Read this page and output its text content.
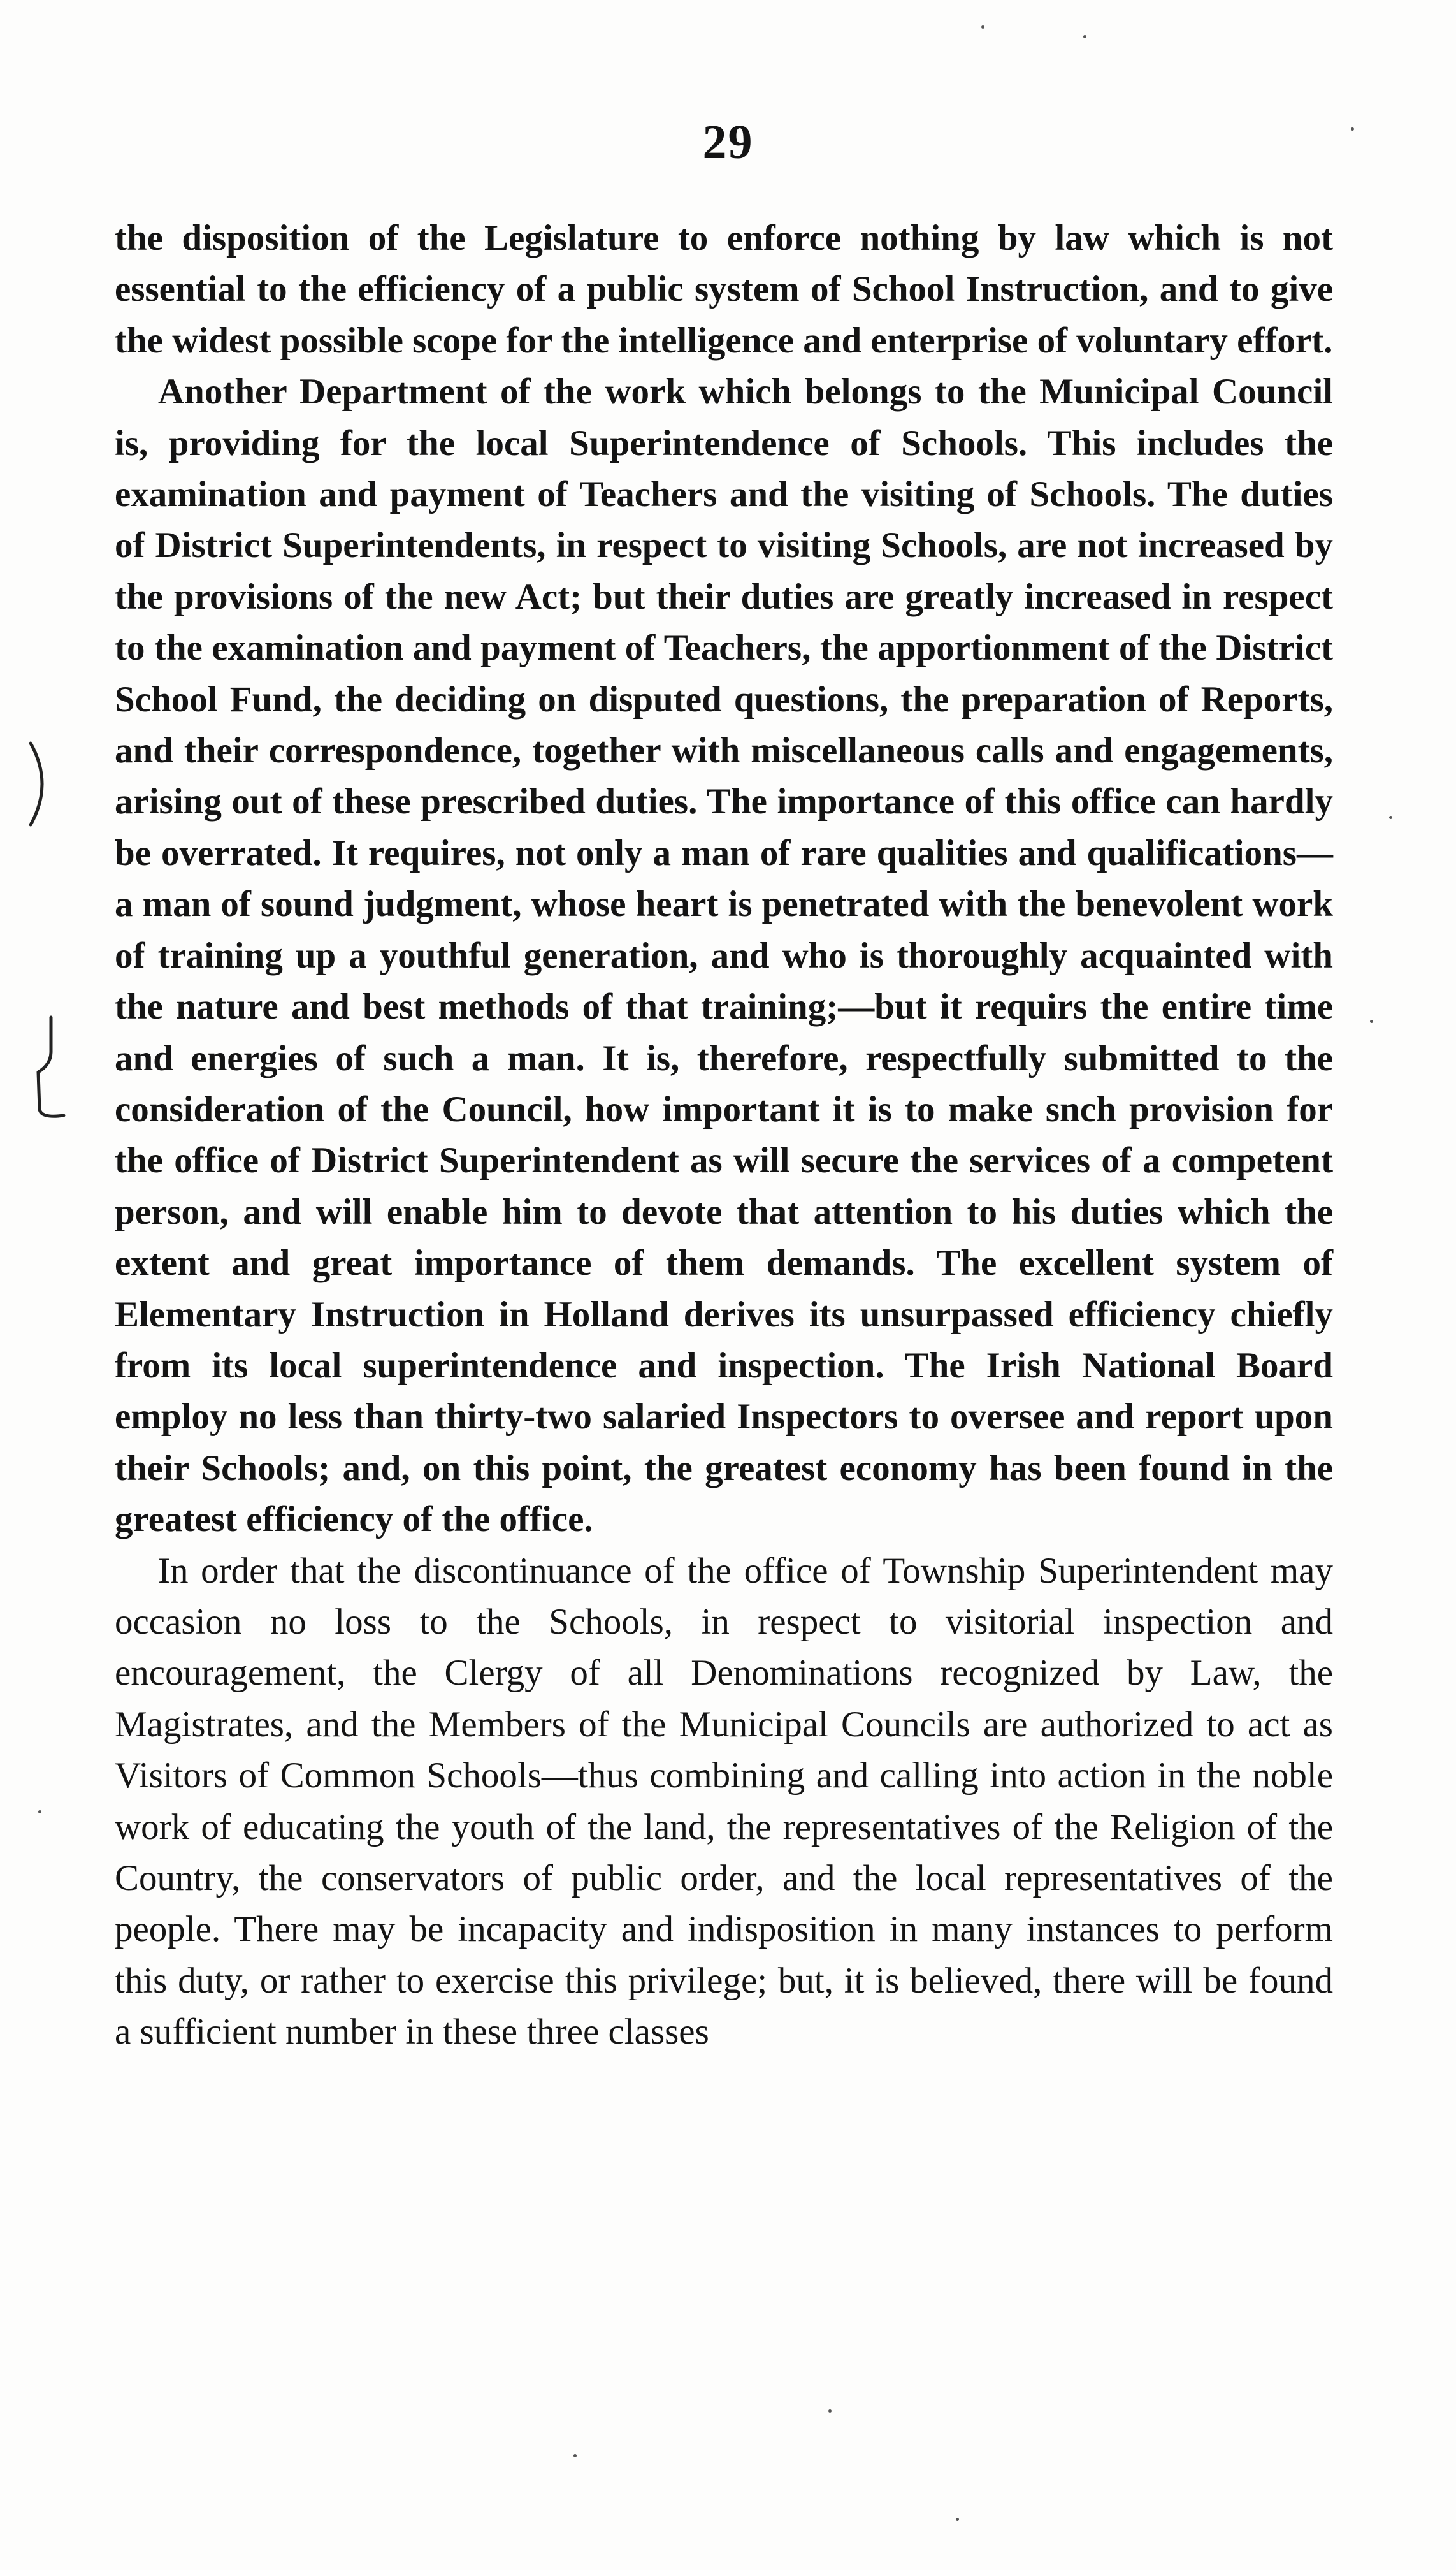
29

the disposition of the Legislature to enforce nothing by law which is not essential to the efficiency of a public system of School Instruction, and to give the widest possible scope for the intelligence and enterprise of voluntary effort.

Another Department of the work which belongs to the Municipal Council is, providing for the local Superintendence of Schools. This includes the examination and payment of Teachers and the visiting of Schools. The duties of District Superintendents, in respect to visiting Schools, are not increased by the provisions of the new Act; but their duties are greatly increased in respect to the examination and payment of Teachers, the apportionment of the District School Fund, the deciding on disputed questions, the preparation of Reports, and their correspondence, together with miscellaneous calls and engagements, arising out of these prescribed duties. The importance of this office can hardly be overrated. It requires, not only a man of rare qualities and qualifications—a man of sound judgment, whose heart is penetrated with the benevolent work of training up a youthful generation, and who is thoroughly acquainted with the nature and best methods of that training;—but it requirs the entire time and energies of such a man. It is, therefore, respectfully submitted to the consideration of the Council, how important it is to make snch provision for the office of District Superintendent as will secure the services of a competent person, and will enable him to devote that attention to his duties which the extent and great importance of them demands. The excellent system of Elementary Instruction in Holland derives its unsurpassed efficiency chiefly from its local superintendence and inspection. The Irish National Board employ no less than thirty-two salaried Inspectors to oversee and report upon their Schools; and, on this point, the greatest economy has been found in the greatest efficiency of the office.

In order that the discontinuance of the office of Township Superintendent may occasion no loss to the Schools, in respect to visitorial inspection and encouragement, the Clergy of all Denominations recognized by Law, the Magistrates, and the Members of the Municipal Councils are authorized to act as Visitors of Common Schools—thus combining and calling into action in the noble work of educating the youth of the land, the representatives of the Religion of the Country, the conservators of public order, and the local representatives of the people. There may be incapacity and indisposition in many instances to perform this duty, or rather to exercise this privilege; but, it is believed, there will be found a sufficient number in these three classes
